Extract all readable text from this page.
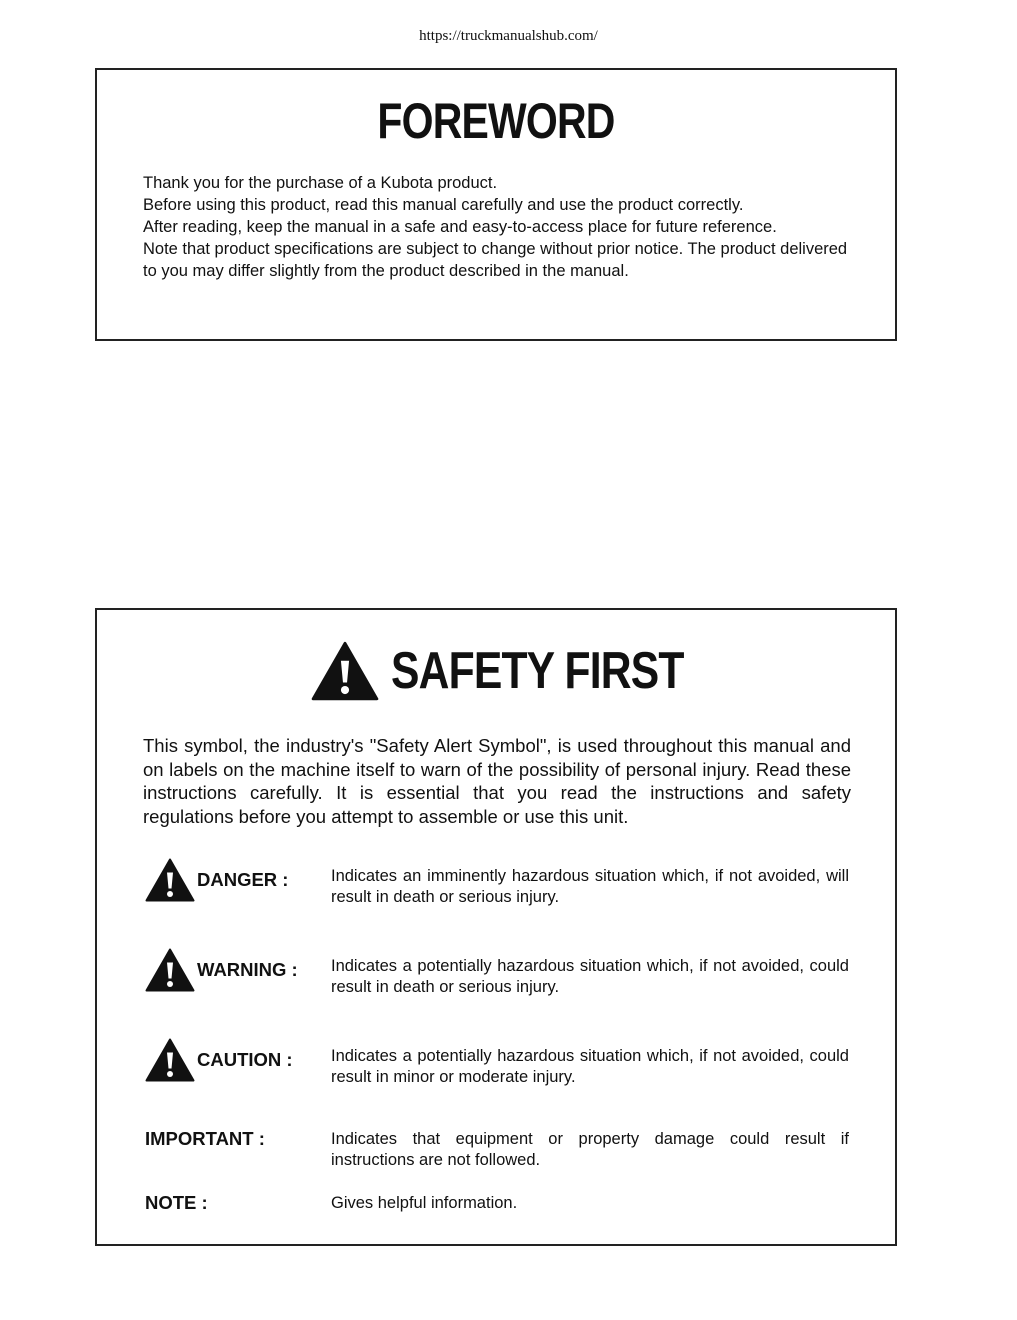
https://truckmanualshub.com/
FOREWORD

Thank you for the purchase of a Kubota product.

Before using this product, read this manual carefully and use the product correctly.

After reading, keep the manual in a safe and easy-to-access place for future reference.

Note that product specifications are subject to change without prior notice. The product delivered to you may differ slightly from the product described in the manual.

SAFETY FIRST
This symbol, the industry's "Safety Alert Symbol", is used throughout this manual and on labels on the machine itself to warn of the possibility of personal injury. Read these instructions carefully. It is essential that you read the instructions and safety regulations before you attempt to assemble or use this unit.
DANGER :	Indicates an imminently hazardous situation which, if not avoided, will result in death or serious injury.
WARNING : Indicates a potentially hazardous situation which, if not avoided, could result in death or serious injury.
CAUTION : Indicates a potentially hazardous situation which, if not avoided, could result in minor or moderate injury.
IMPORTANT :	Indicates that equipment or property damage could result if instructions are not followed.
NOTE :	Gives helpful information.
